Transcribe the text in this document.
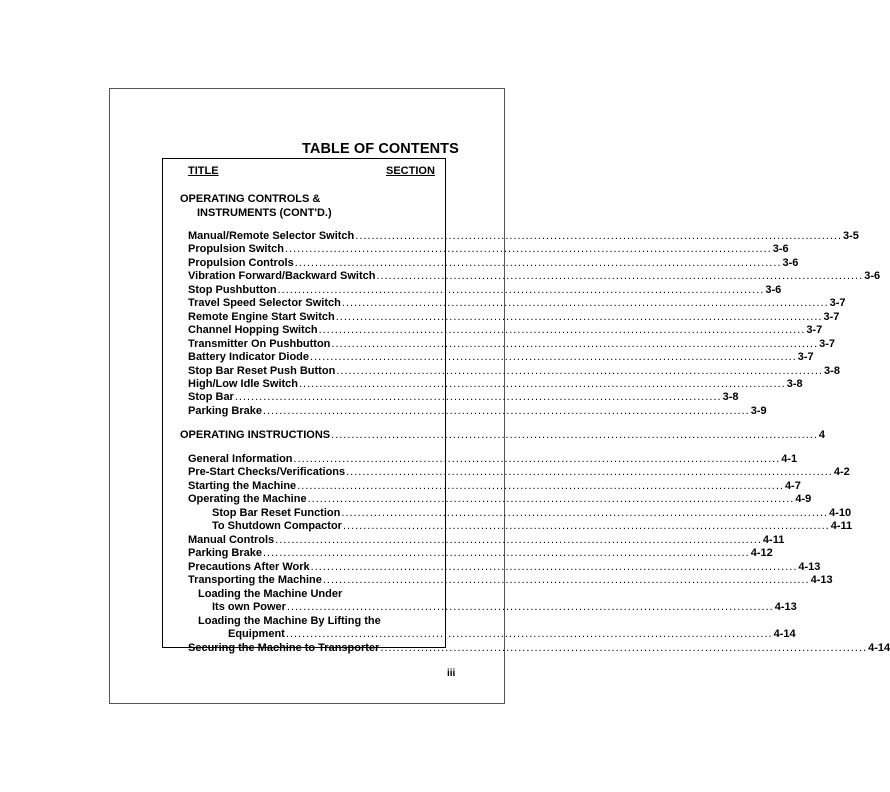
TABLE OF CONTENTS
TITLE	SECTION
OPERATING CONTROLS &
INSTRUMENTS (CONT'D.)
Manual/Remote Selector Switch ........................................................................................................................ 3-5
Propulsion Switch ........................................................................................................................ 3-6
Propulsion Controls ........................................................................................................................ 3-6
Vibration Forward/Backward Switch ........................................................................................................................ 3-6
Stop Pushbutton ........................................................................................................................ 3-6
Travel Speed Selector Switch ........................................................................................................................ 3-7
Remote Engine Start Switch ........................................................................................................................ 3-7
Channel Hopping Switch ........................................................................................................................ 3-7
Transmitter On Pushbutton ........................................................................................................................ 3-7
Battery Indicator Diode ........................................................................................................................ 3-7
Stop Bar Reset Push Button ........................................................................................................................ 3-8
High/Low Idle Switch ........................................................................................................................ 3-8
Stop Bar ........................................................................................................................ 3-8
Parking Brake ........................................................................................................................ 3-9
OPERATING INSTRUCTIONS ........................................................................................................................ 4
General Information ........................................................................................................................ 4-1
Pre-Start Checks/Verifications ........................................................................................................................ 4-2
Starting the Machine ........................................................................................................................ 4-7
Operating the Machine ........................................................................................................................ 4-9
Stop Bar Reset Function ........................................................................................................................ 4-10
To Shutdown Compactor ........................................................................................................................ 4-11
Manual Controls ........................................................................................................................ 4-11
Parking Brake ........................................................................................................................ 4-12
Precautions After Work ........................................................................................................................ 4-13
Transporting the Machine ........................................................................................................................ 4-13
Loading the Machine Under
Its own Power ........................................................................................................................ 4-13
Loading the Machine By Lifting the
Equipment ........................................................................................................................ 4-14
Securing the Machine to Transporter ........................................................................................................................ 4-14
iii
